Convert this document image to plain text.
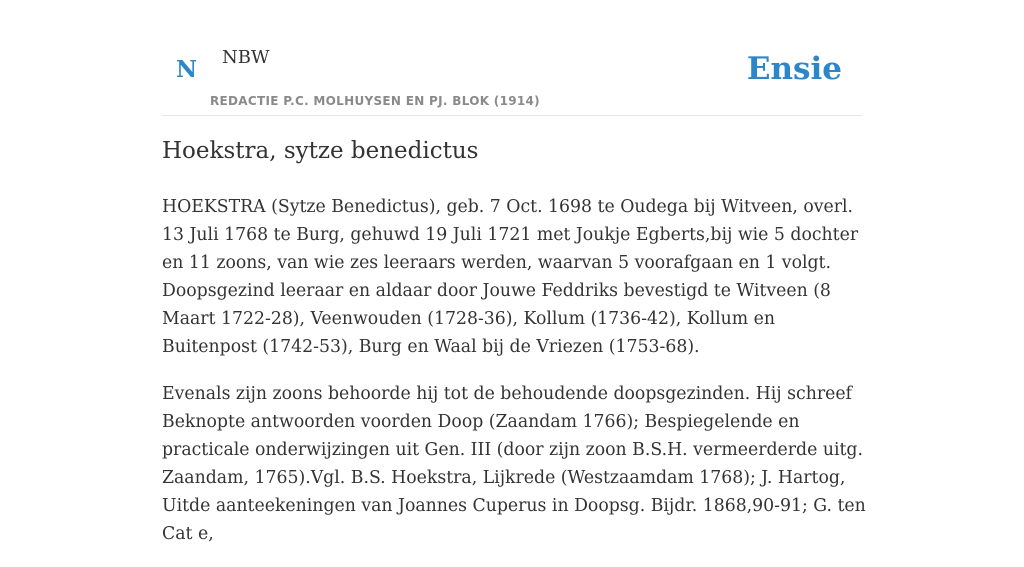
N NBW
REDACTIE P.C. MOLHUYSEN EN PJ. BLOK (1914)
Ensie
Hoekstra, sytze benedictus

HOEKSTRA (Sytze Benedictus), geb. 7 Oct. 1698 te Oudega bij Witveen, overl. 13 Juli 1768 te Burg, gehuwd 19 Juli 1721 met Joukje Egberts,bij wie 5 dochter en 11 zoons, van wie zes leeraars werden, waarvan 5 voorafgaan en 1 volgt. Doopsgezind leeraar en aldaar door Jouwe Feddriks bevestigd te Witveen (8 Maart 1722-28), Veenwouden (1728-36), Kollum (1736-42), Kollum en Buitenpost (1742-53), Burg en Waal bij de Vriezen (1753-68).

Evenals zijn zoons behoorde hij tot de behoudende doopsgezinden. Hij schreef Beknopte antwoorden voorden Doop (Zaandam 1766); Bespiegelende en practicale onderwijzingen uit Gen. III (door zijn zoon B.S.H. vermeerderde uitg. Zaandam, 1765).Vgl. B.S. Hoekstra, Lijkrede (Westzaamdam 1768); J. Hartog, Uitde aanteekeningen van Joannes Cuperus in Doopsg. Bijdr. 1868,90-91; G. ten Cat e,
